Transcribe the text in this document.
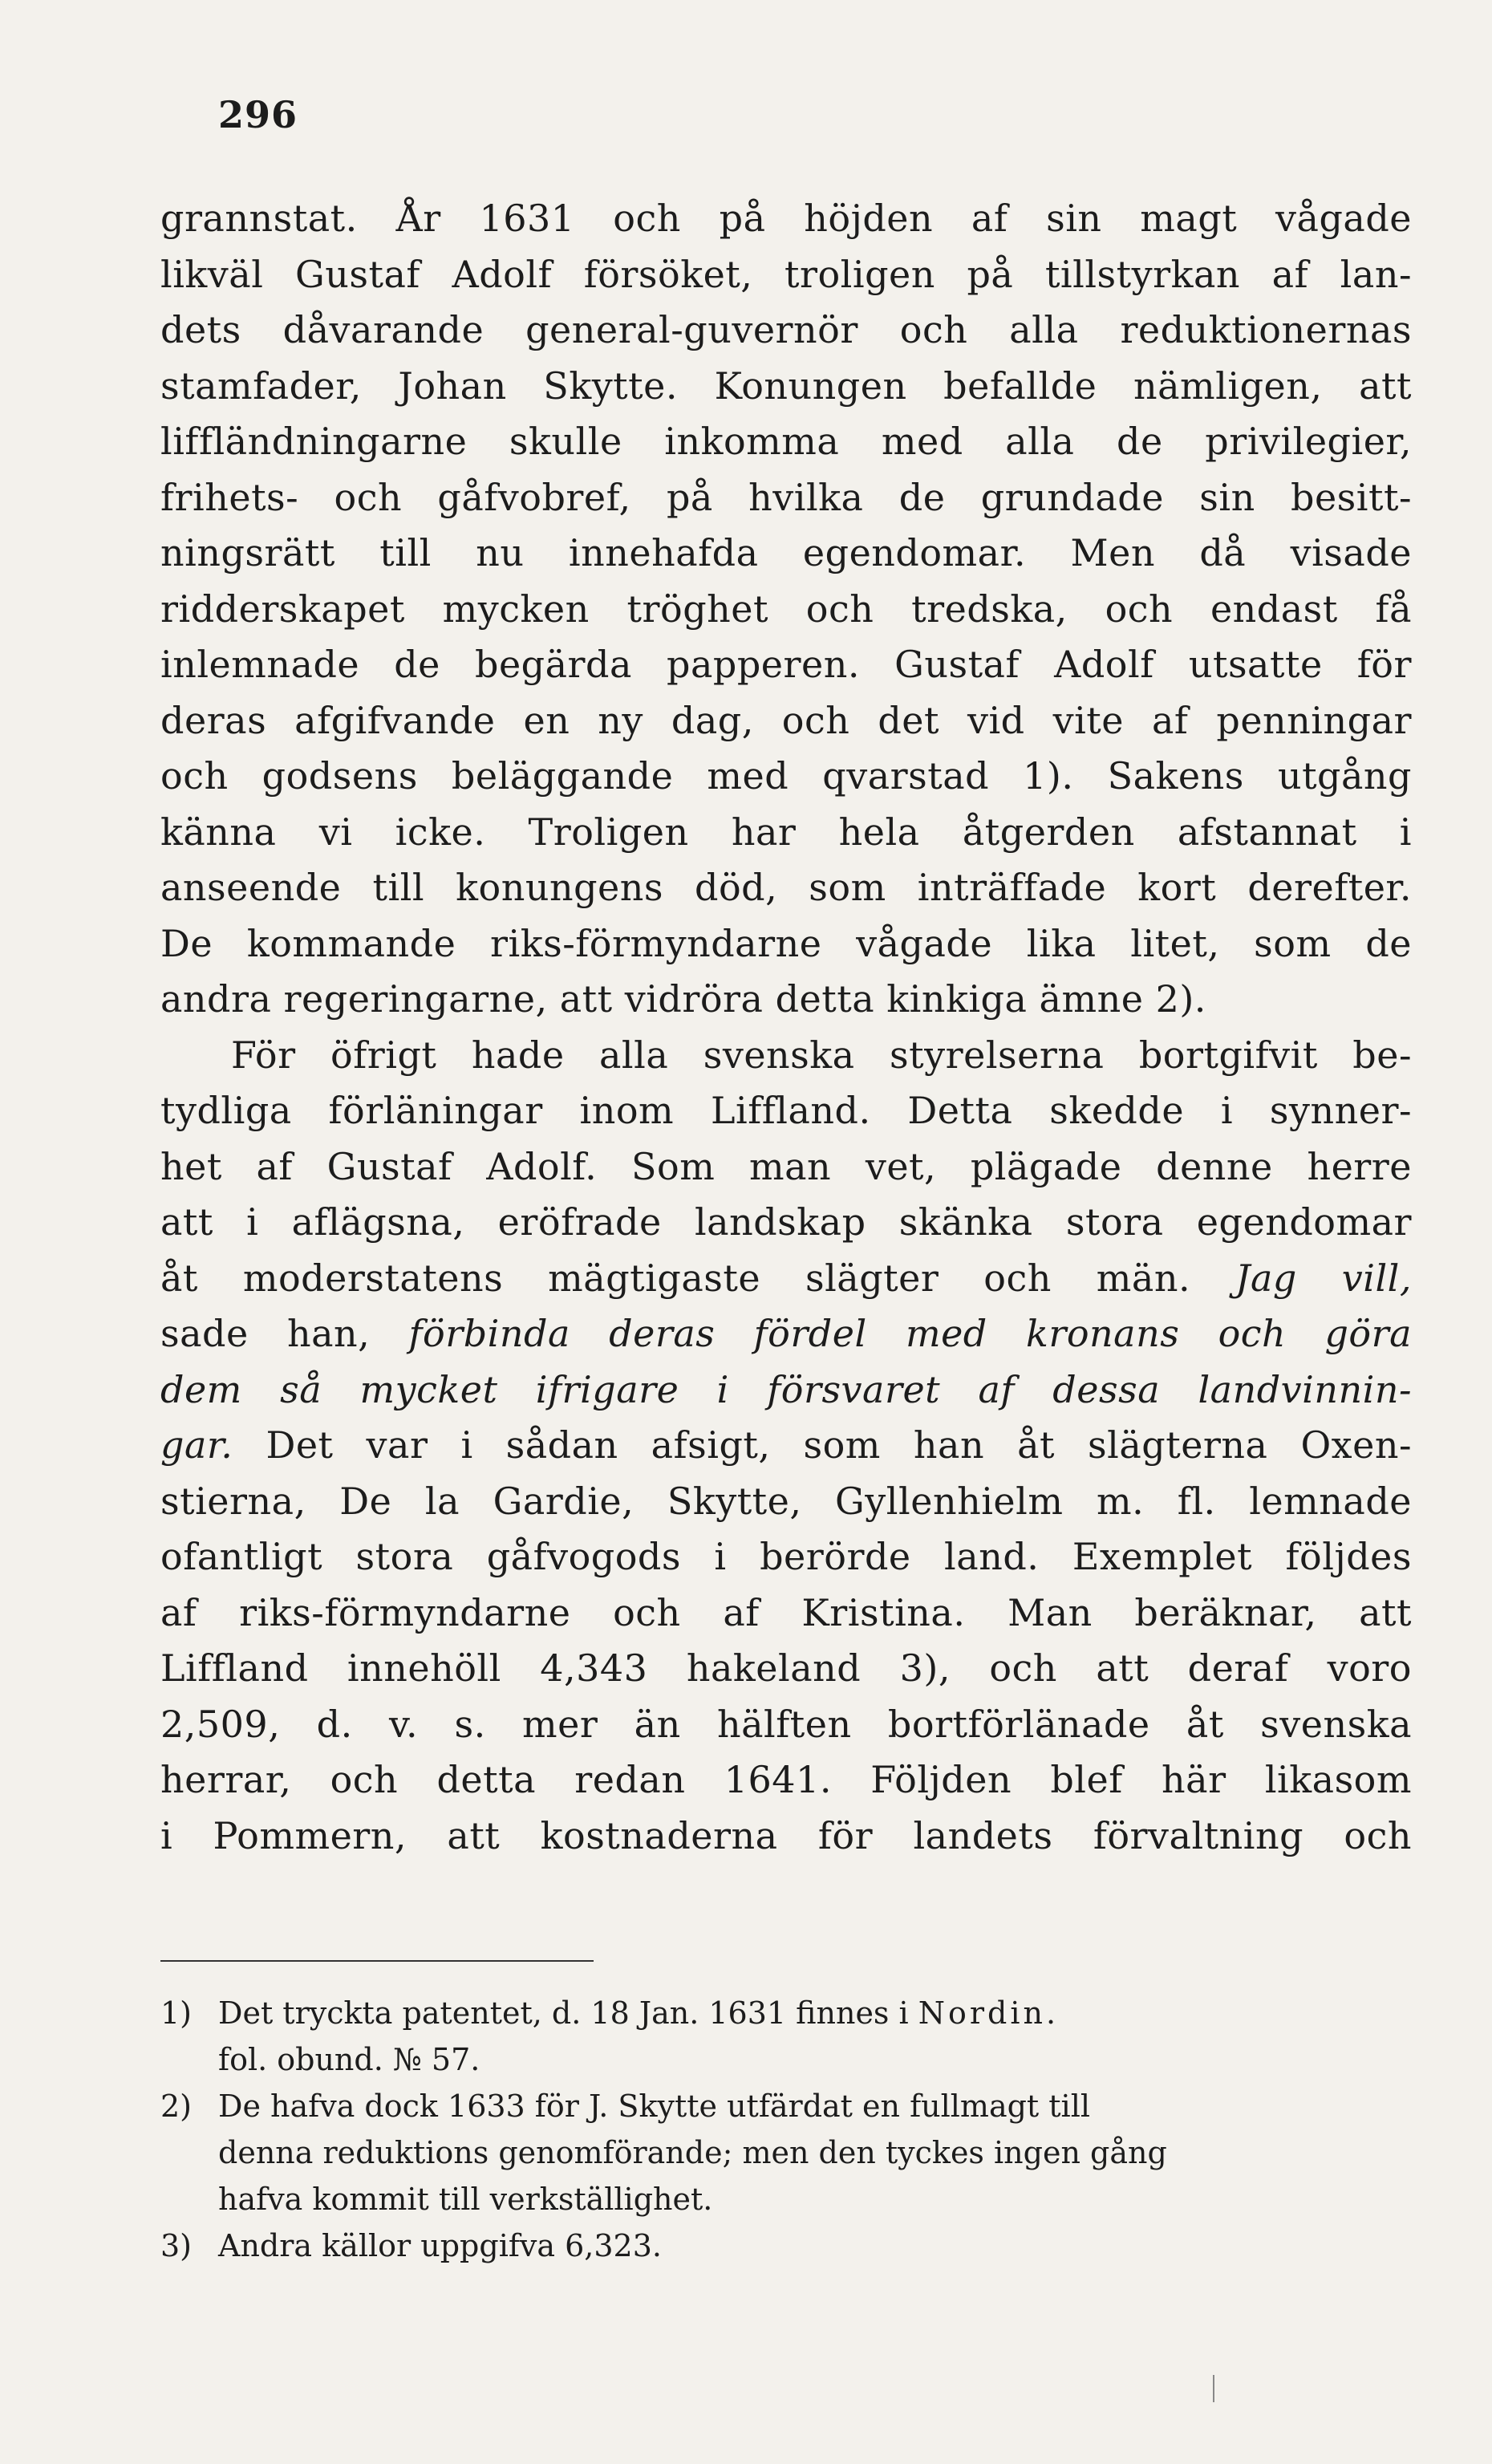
296
grannstat. År 1631 och på höjden af sin magt vågade
likväl Gustaf Adolf försöket, troligen på tillstyrkan af lan-
dets dåvarande general-guvernör och alla reduktionernas
stamfader, Johan Skytte. Konungen befallde nämligen, att
liffländningarne skulle inkomma med alla de privilegier,
frihets- och gåfvobref, på hvilka de grundade sin besitt-
ningsrätt till nu innehafda egendomar. Men då visade
ridderskapet mycken tröghet och tredska, och endast få
inlemnade de begärda papperen. Gustaf Adolf utsatte för
deras afgifvande en ny dag, och det vid vite af penningar
och godsens beläggande med qvarstad 1). Sakens utgång
känna vi icke. Troligen har hela åtgerden afstannat i
anseende till konungens död, som inträffade kort derefter.
De kommande riks-förmyndarne vågade lika litet, som de
andra regeringarne, att vidröra detta kinkiga ämne 2).
För öfrigt hade alla svenska styrelserna bortgifvit be-
tydliga förläningar inom Liffland. Detta skedde i synner-
het af Gustaf Adolf. Som man vet, plägade denne herre
att i aflägsna, eröfrade landskap skänka stora egendomar
åt moderstatens mägtigaste slägter och män. Jag vill,
sade han, förbinda deras fördel med kronans och göra
dem så mycket ifrigare i försvaret af dessa landvinnin-
gar. Det var i sådan afsigt, som han åt slägterna Oxen-
stierna, De la Gardie, Skytte, Gyllenhielm m. fl. lemnade
ofantligt stora gåfvogods i berörde land. Exemplet följdes
af riks-förmyndarne och af Kristina. Man beräknar, att
Liffland innehöll 4,343 hakeland 3), och att deraf voro
2,509, d. v. s. mer än hälften bortförlänade åt svenska
herrar, och detta redan 1641. Följden blef här likasom
i Pommern, att kostnaderna för landets förvaltning och
1) Det tryckta patentet, d. 18 Jan. 1631 finnes i Nordin.
fol. obund. № 57.
2) De hafva dock 1633 för J. Skytte utfärdat en fullmagt till
denna reduktions genomförande; men den tyckes ingen gång
hafva kommit till verkställighet.
3) Andra källor uppgifva 6,323.
